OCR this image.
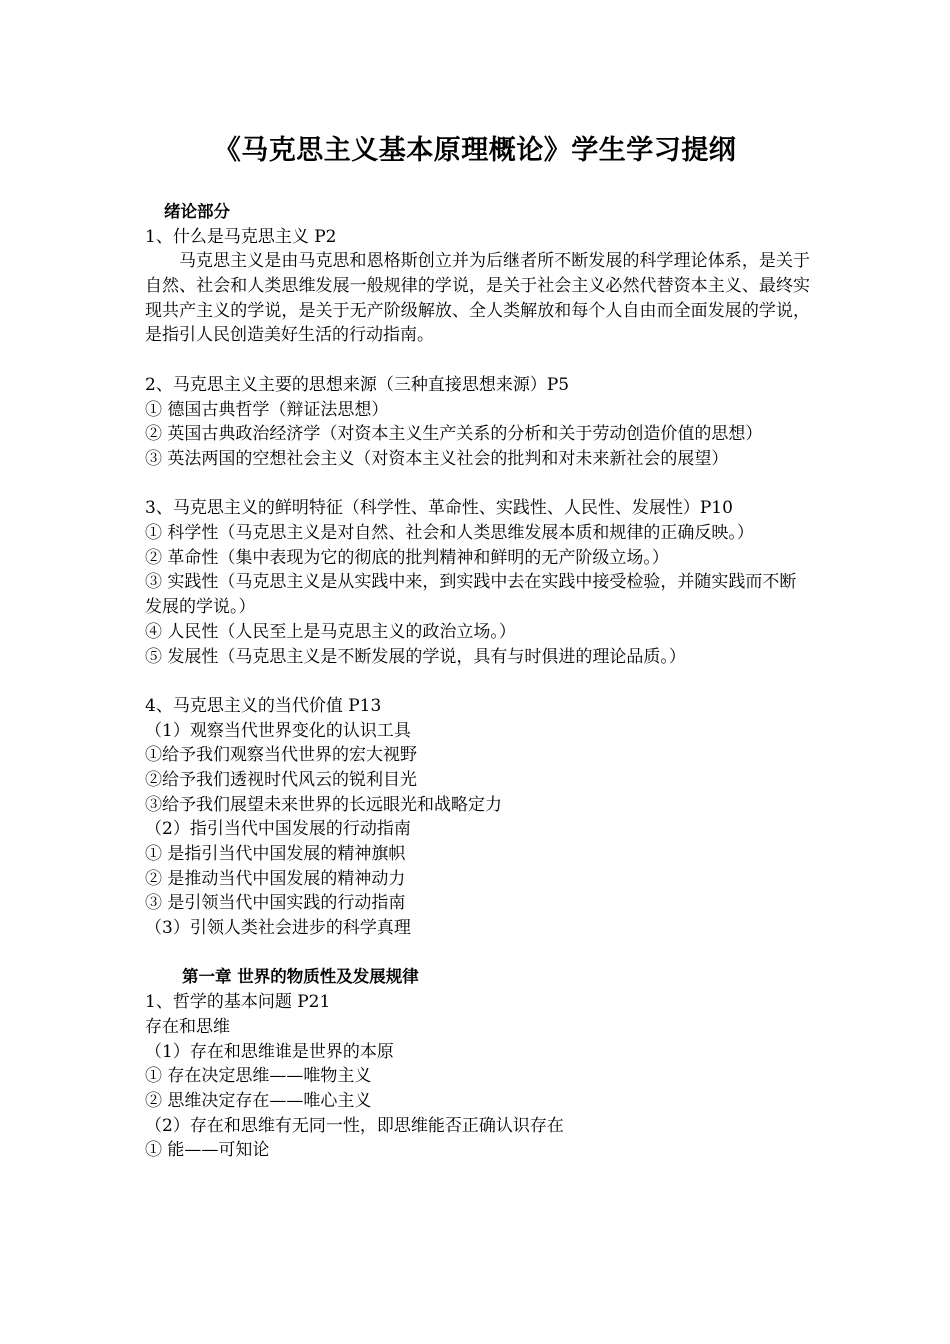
《马克思主义基本原理概论》学生学习提纲
绪论部分
1、什么是马克思主义 P2
马克思主义是由马克思和恩格斯创立并为后继者所不断发展的科学理论体系，是关于自然、社会和人类思维发展一般规律的学说，是关于社会主义必然代替资本主义、最终实现共产主义的学说，是关于无产阶级解放、全人类解放和每个人自由而全面发展的学说，是指引人民创造美好生活的行动指南。
2、马克思主义主要的思想来源（三种直接思想来源）P5
① 德国古典哲学（辩证法思想）
② 英国古典政治经济学（对资本主义生产关系的分析和关于劳动创造价值的思想）
③ 英法两国的空想社会主义（对资本主义社会的批判和对未来新社会的展望）
3、马克思主义的鲜明特征（科学性、革命性、实践性、人民性、发展性）P10
① 科学性（马克思主义是对自然、社会和人类思维发展本质和规律的正确反映。）
② 革命性（集中表现为它的彻底的批判精神和鲜明的无产阶级立场。）
③ 实践性（马克思主义是从实践中来，到实践中去在实践中接受检验，并随实践而不断发展的学说。）
④ 人民性（人民至上是马克思主义的政治立场。）
⑤ 发展性（马克思主义是不断发展的学说，具有与时俱进的理论品质。）
4、马克思主义的当代价值 P13
（1）观察当代世界变化的认识工具
①给予我们观察当代世界的宏大视野
②给予我们透视时代风云的锐利目光
③给予我们展望未来世界的长远眼光和战略定力
（2）指引当代中国发展的行动指南
① 是指引当代中国发展的精神旗帜
② 是推动当代中国发展的精神动力
③ 是引领当代中国实践的行动指南
（3）引领人类社会进步的科学真理
第一章 世界的物质性及发展规律
1、哲学的基本问题 P21
存在和思维
（1）存在和思维谁是世界的本原
① 存在决定思维——唯物主义
② 思维决定存在——唯心主义
（2）存在和思维有无同一性，即思维能否正确认识存在
① 能——可知论
